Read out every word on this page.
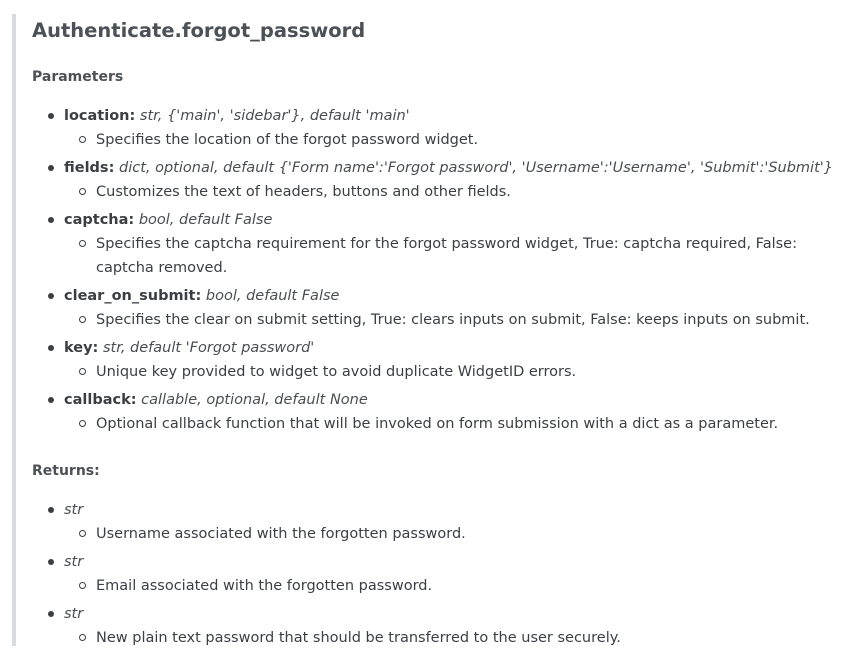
Authenticate.forgot_password
Parameters
location: str, {'main', 'sidebar'}, default 'main'
Specifies the location of the forgot password widget.
fields: dict, optional, default {'Form name':'Forgot password', 'Username':'Username', 'Submit':'Submit'}
Customizes the text of headers, buttons and other fields.
captcha: bool, default False
Specifies the captcha requirement for the forgot password widget, True: captcha required, False: captcha removed.
clear_on_submit: bool, default False
Specifies the clear on submit setting, True: clears inputs on submit, False: keeps inputs on submit.
key: str, default 'Forgot password'
Unique key provided to widget to avoid duplicate WidgetID errors.
callback: callable, optional, default None
Optional callback function that will be invoked on form submission with a dict as a parameter.
Returns:
str
Username associated with the forgotten password.
str
Email associated with the forgotten password.
str
New plain text password that should be transferred to the user securely.
